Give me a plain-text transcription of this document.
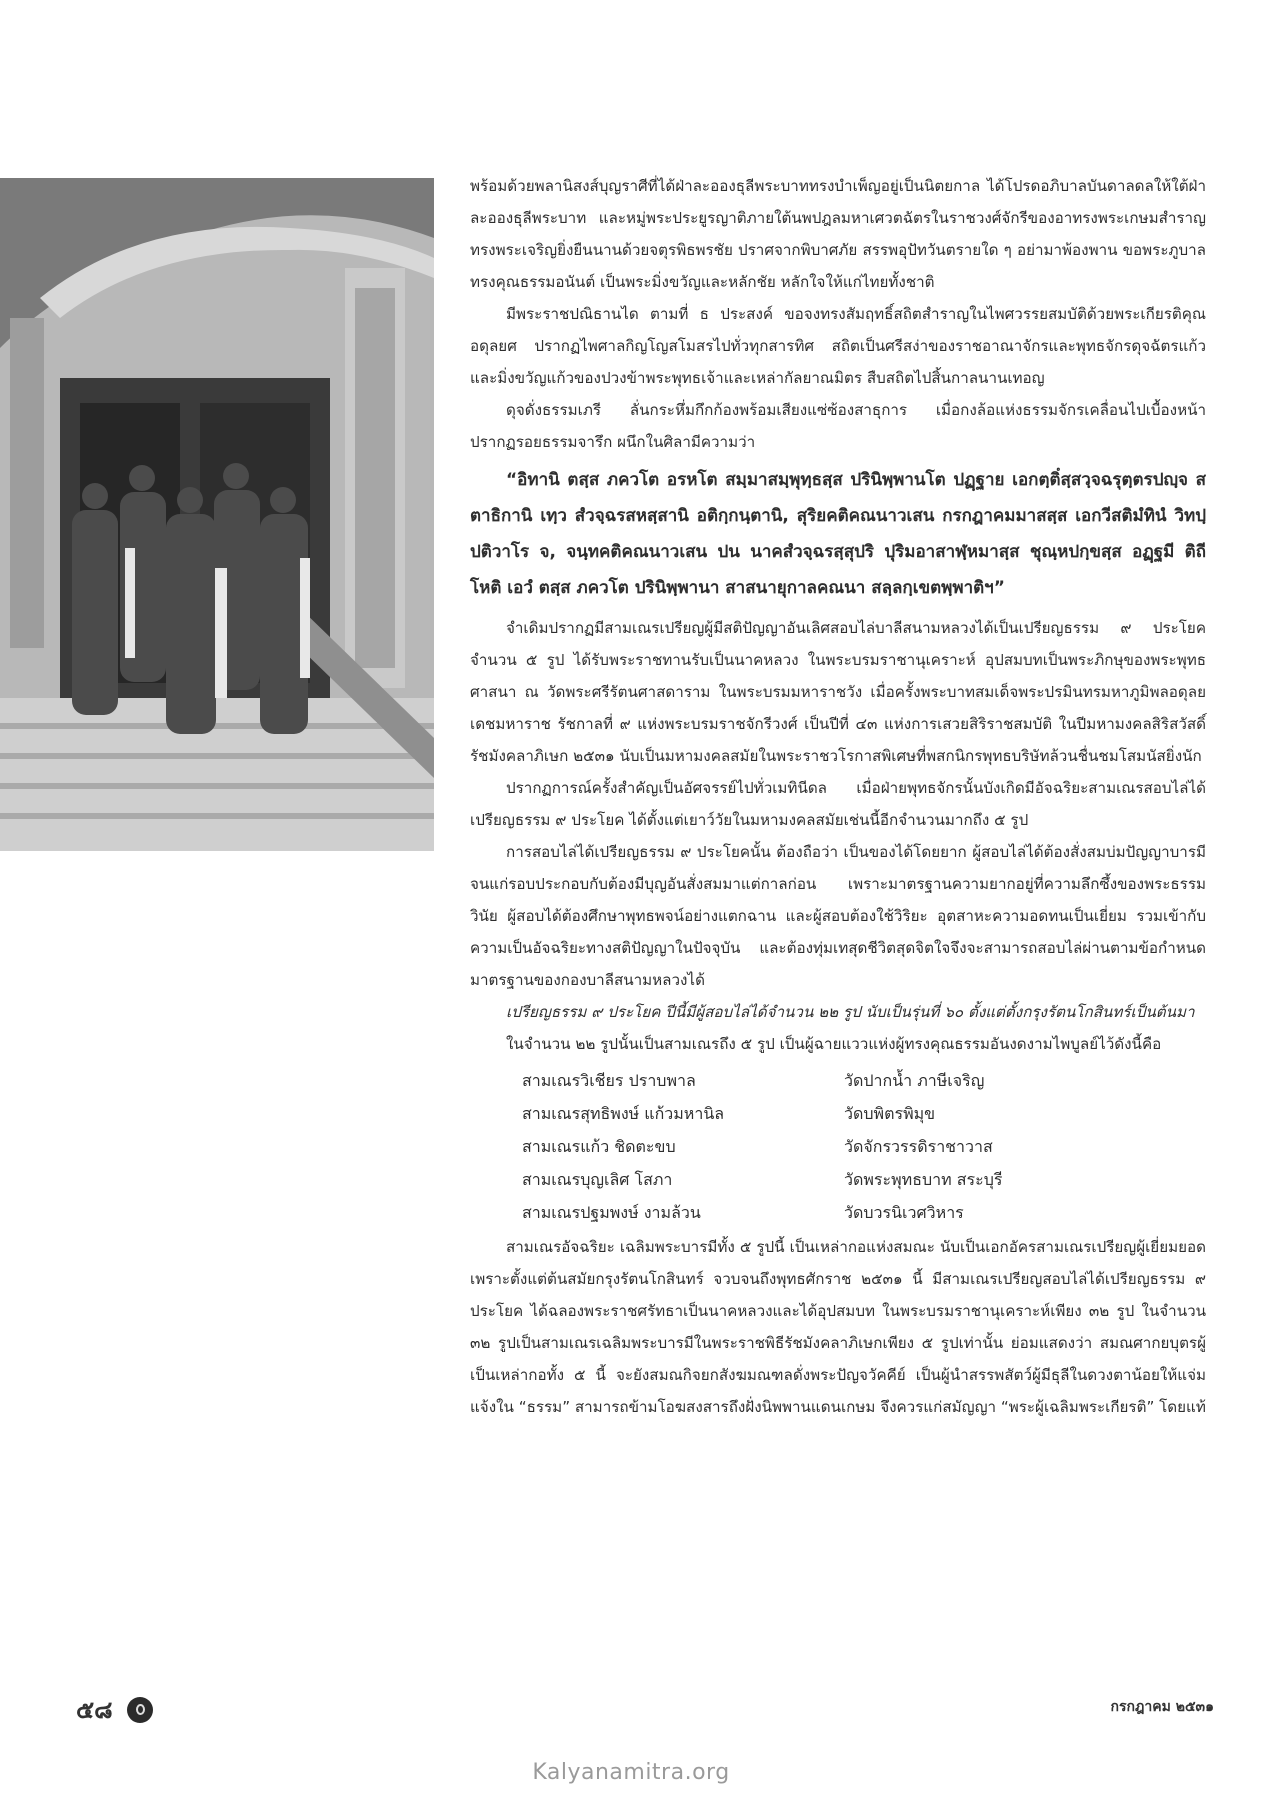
พร้อมด้วยพลานิสงส์บุญราศีที่ได้ฝ่าละอองธุลีพระบาททรงบำเพ็ญอยู่เป็นนิตยกาล ได้โปรดอภิบาลบันดาลดลให้ใต้ฝ่าละอองธุลีพระบาท และหมู่พระประยูรญาติภายใต้นพปฎลมหาเศวตฉัตรในราชวงศ์จักรีของอาทรงพระเกษมสำราญ ทรงพระเจริญยิ่งยืนนานด้วยจตุรพิธพรชัย ปราศจากพิบาศภัย สรรพอุปัทวันตรายใด ๆ อย่ามาพ้องพาน ขอพระภูบาลทรงคุณธรรมอนันต์ เป็นพระมิ่งขวัญและหลักชัย หลักใจให้แก่ไทยทั้งชาติ

มีพระราชปณิธานได ตามที่ ธ ประสงค์ ขอจงทรงสัมฤทธิ์สถิตสำราญในไพศวรรยสมบัติด้วยพระเกียรติคุณอดุลยศ ปรากฏไพศาลกิญโญสโมสรไปทั่วทุกสารทิศ สถิตเป็นศรีสง่าของราชอาณาจักรและพุทธจักรดุจฉัตรแก้ว และมิ่งขวัญแก้วของปวงข้าพระพุทธเจ้าและเหล่ากัลยาณมิตร สืบสถิตไปสิ้นกาลนานเทอญ

ดุจดั่งธรรมเภรี ลั่นกระหึ่มกึกก้องพร้อมเสียงแซ่ซ้องสาธุการ เมื่อกงล้อแห่งธรรมจักรเคลื่อนไปเบื้องหน้า ปรากฏรอยธรรมจารึก ผนึกในศิลามีความว่า

“อิทานิ ตสฺส ภควโต อรหโต สมฺมาสมฺพุทฺธสฺส ปรินิพฺพานโต ปฏฺฐาย เอกตฺติํสฺสวฺจฉรุตฺตรปญฺจ สตาธิกานิ เทฺว สํวจฺฉรสหสฺสานิ อติกฺกนฺตานิ, สุริยคติคณนาวเสน กรกฎาคมมาสสฺส เอกวีสติมํทินํ วิทปฺปติวาโร จ, จนฺทคติคณนาวเสน ปน นาคสํวจฺฉรสฺสุปริ ปุริมอาสาฬฺหมาสฺส ชุณฺหปกฺขสฺส อฏฺฐมี ติถี โหติ เอวํ ตสฺส ภควโต ปรินิพฺพานา สาสนายุกาลคณนา สลฺลกฺเขตพฺพาติฯ”

จำเดิมปรากฏมีสามเณรเปรียญผู้มีสติปัญญาอันเลิศสอบไล่บาลีสนามหลวงได้เป็นเปรียญธรรม ๙ ประโยค จำนวน ๕ รูป ได้รับพระราชทานรับเป็นนาคหลวง ในพระบรมราชานุเคราะห์ อุปสมบทเป็นพระภิกษุของพระพุทธศาสนา ณ วัดพระศรีรัตนศาสดาราม ในพระบรมมหาราชวัง เมื่อครั้งพระบาทสมเด็จพระปรมินทรมหาภูมิพลอดุลยเดชมหาราช รัชกาลที่ ๙ แห่งพระบรมราชจักรีวงศ์ เป็นปีที่ ๔๓ แห่งการเสวยสิริราชสมบัติ ในปีมหามงคลสิริสวัสดิ์รัชมังคลาภิเษก ๒๕๓๑ นับเป็นมหามงคลสมัยในพระราชวโรกาสพิเศษที่พสกนิกรพุทธบริษัทล้วนชื่นชมโสมนัสยิ่งนัก

ปรากฏการณ์ครั้งสำคัญเป็นอัศจรรย์ไปทั่วเมทินีดล เมื่อฝ่ายพุทธจักรนั้นบังเกิดมีอัจฉริยะสามเณรสอบไล่ได้เปรียญธรรม ๙ ประโยค ได้ตั้งแต่เยาว์วัยในมหามงคลสมัยเช่นนี้อีกจำนวนมากถึง ๕ รูป

การสอบไล่ได้เปรียญธรรม ๙ ประโยคนั้น ต้องถือว่า เป็นของได้โดยยาก ผู้สอบไล่ได้ต้องสั่งสมบ่มปัญญาบารมีจนแก่รอบประกอบกับต้องมีบุญอันสั่งสมมาแต่กาลก่อน เพราะมาตรฐานความยากอยู่ที่ความลึกซึ้งของพระธรรมวินัย ผู้สอบได้ต้องศึกษาพุทธพจน์อย่างแตกฉาน และผู้สอบต้องใช้วิริยะ อุตสาหะความอดทนเป็นเยี่ยม รวมเข้ากับความเป็นอัจฉริยะทางสติปัญญาในปัจจุบัน และต้องทุ่มเทสุดชีวิตสุดจิตใจจึงจะสามารถสอบไล่ผ่านตามข้อกำหนดมาตรฐานของกองบาลีสนามหลวงได้

เปรียญธรรม ๙ ประโยค ปีนี้มีผู้สอบไล่ได้จำนวน ๒๒ รูป นับเป็นรุ่นที่ ๖๐ ตั้งแต่ตั้งกรุงรัตนโกสินทร์เป็นต้นมา

ในจำนวน ๒๒ รูปนั้นเป็นสามเณรถึง ๕ รูป เป็นผู้ฉายแววแห่งผู้ทรงคุณธรรมอันงดงามไพบูลย์ไว้ดังนี้คือ

สามเณรวิเชียร ปราบพาล	วัดปากน้ำ ภาษีเจริญ
สามเณรสุทธิพงษ์ แก้วมหานิล	วัดบพิตรพิมุข
สามเณรแก้ว ชิดตะขบ	วัดจักรวรรดิราชาวาส
สามเณรบุญเลิศ โสภา	วัดพระพุทธบาท สระบุรี
สามเณรปฐมพงษ์ งามล้วน	วัดบวรนิเวศวิหาร

สามเณรอัจฉริยะ เฉลิมพระบารมีทั้ง ๕ รูปนี้ เป็นเหล่ากอแห่งสมณะ นับเป็นเอกอัครสามเณรเปรียญผู้เยี่ยมยอด เพราะตั้งแต่ต้นสมัยกรุงรัตนโกสินทร์ จวบจนถึงพุทธศักราช ๒๕๓๑ นี้ มีสามเณรเปรียญสอบไล่ได้เปรียญธรรม ๙ ประโยค ได้ฉลองพระราชศรัทธาเป็นนาคหลวงและได้อุปสมบท ในพระบรมราชานุเคราะห์เพียง ๓๒ รูป ในจำนวน ๓๒ รูปเป็นสามเณรเฉลิมพระบารมีในพระราชพิธีรัชมังคลาภิเษกเพียง ๕ รูปเท่านั้น ย่อมแสดงว่า สมณศากยบุตรผู้เป็นเหล่ากอทั้ง ๕ นี้ จะยังสมณกิจยกสังฆมณฑลดั่งพระปัญจวัคคีย์ เป็นผู้นำสรรพสัตว์ผู้มีธุลีในดวงตาน้อยให้แจ่มแจ้งใน “ธรรม” สามารถข้ามโอฆสงสารถึงฝั่งนิพพานแดนเกษม จึงควรแก่สมัญญา “พระผู้เฉลิมพระเกียรติ” โดยแท้

๕๘	กรกฎาคม ๒๕๓๑
Kalyanamitra.org
